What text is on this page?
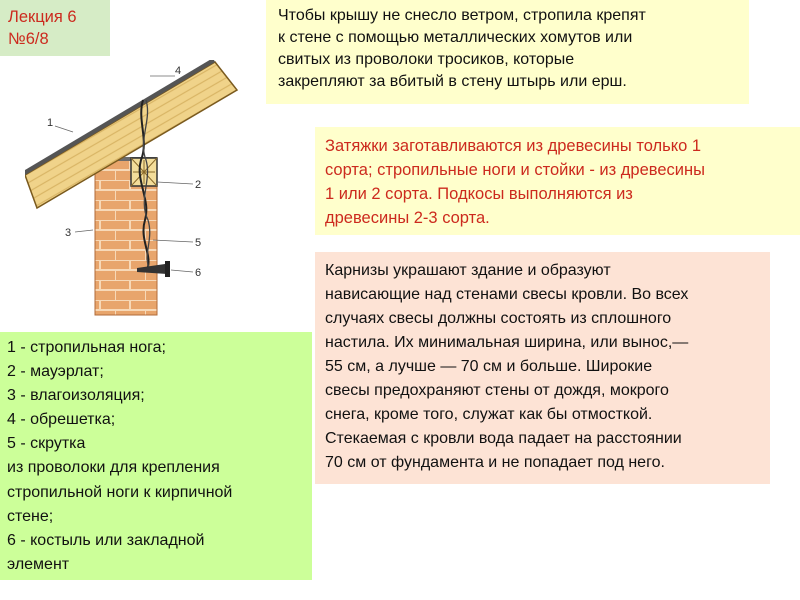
Лекция 6
№6/8
Чтобы крышу не снесло ветром, стропила крепят
к стене с помощью металлических хомутов или
свитых из проволоки тросиков, которые
закрепляют за вбитый в стену штырь или ерш.
Затяжки заготавливаются из древесины только 1
сорта; стропильные ноги и стойки - из древесины
1 или 2 сорта. Подкосы выполняются из
древесины 2-3 сорта.
Карнизы украшают здание и образуют
нависающие над стенами свесы кровли. Во всех
случаях свесы должны состоять из сплошного
настила. Их минимальная ширина, или вынос,—
55 см, а лучше — 70 см и больше. Широкие
свесы предохраняют стены от дождя, мокрого
снега, кроме того, служат как бы отмосткой.
Стекаемая с кровли вода падает на расстоянии
70 см от фундамента и не попадает под него.
1 - стропильная нога;
2 - мауэрлат;
3 - влагоизоляция;
4 - обрешетка;
5 - скрутка
из проволоки для крепления
стропильной ноги к кирпичной
стене;
6 - костыль или закладной
элемент
1
2
3
4
5
6
